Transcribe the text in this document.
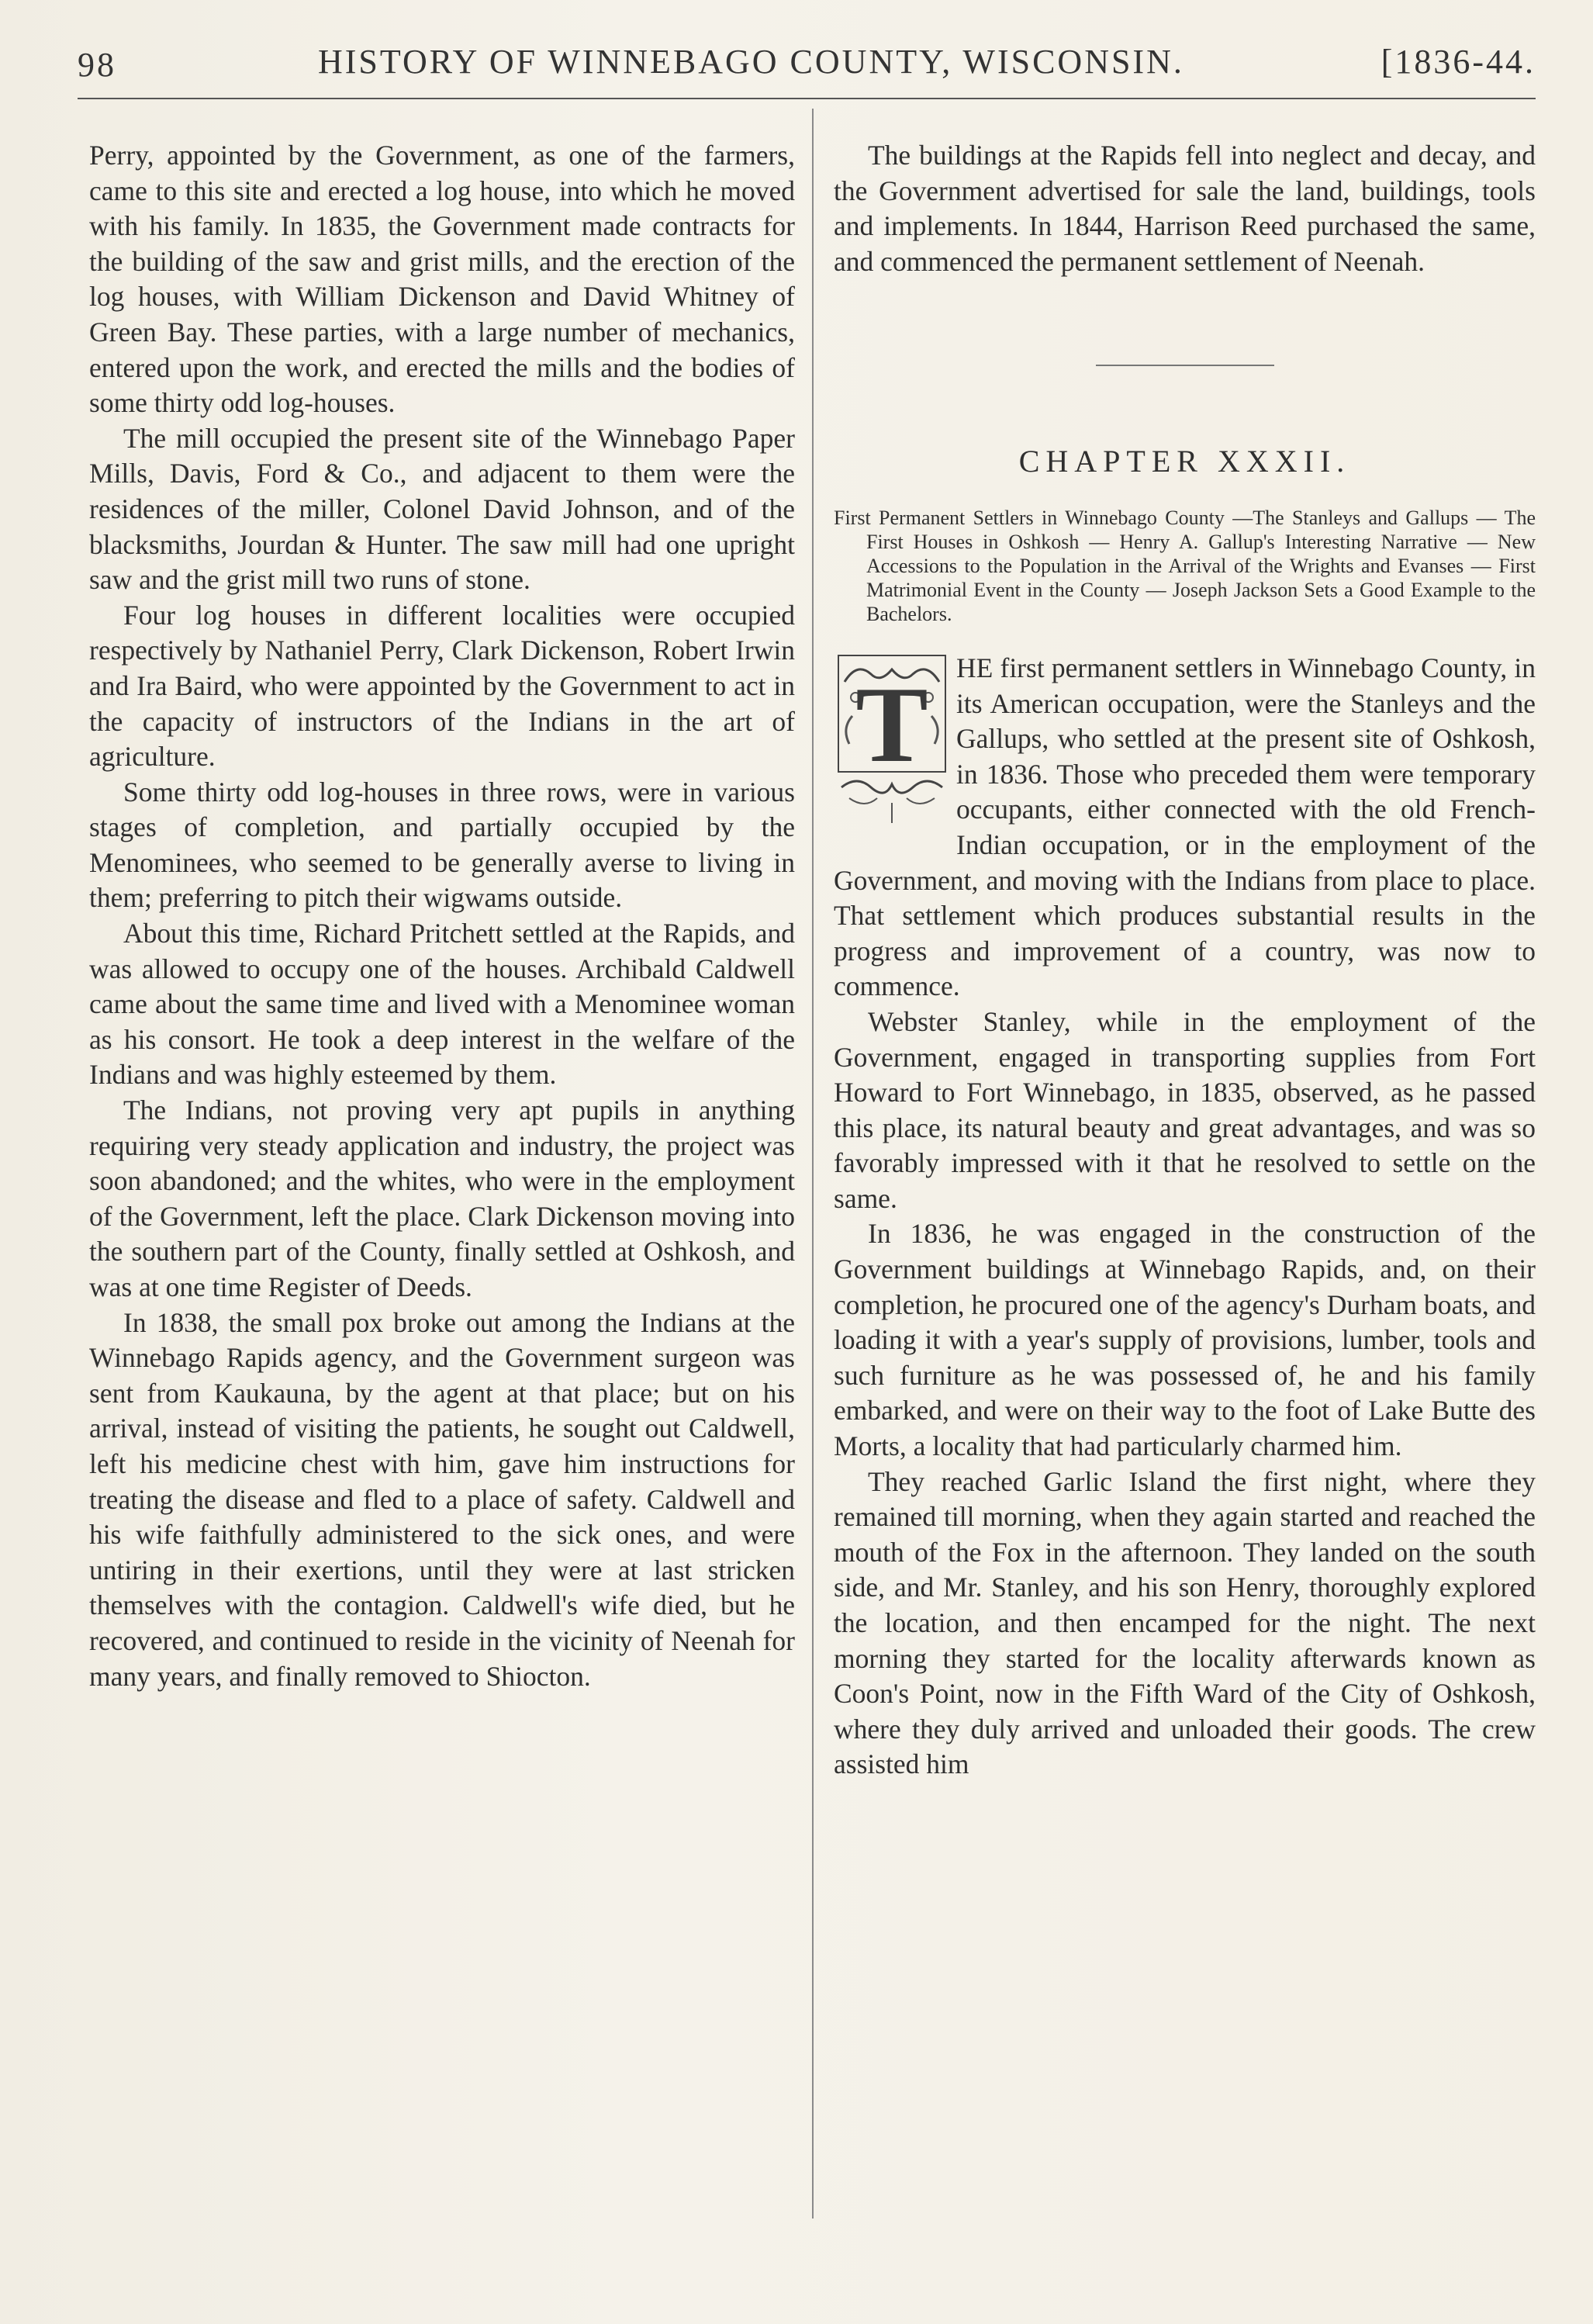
98	HISTORY OF WINNEBAGO COUNTY, WISCONSIN.	[1836-44.

Perry, appointed by the Government, as one of the farmers, came to this site and erected a log house, into which he moved with his family. In 1835, the Government made contracts for the building of the saw and grist mills, and the erection of the log houses, with William Dickenson and David Whitney of Green Bay. These parties, with a large number of mechanics, entered upon the work, and erected the mills and the bodies of some thirty odd log-houses.

The mill occupied the present site of the Winnebago Paper Mills, Davis, Ford & Co., and adjacent to them were the residences of the miller, Colonel David Johnson, and of the blacksmiths, Jourdan & Hunter. The saw mill had one upright saw and the grist mill two runs of stone.

Four log houses in different localities were occupied respectively by Nathaniel Perry, Clark Dickenson, Robert Irwin and Ira Baird, who were appointed by the Government to act in the capacity of instructors of the Indians in the art of agriculture.

Some thirty odd log-houses in three rows, were in various stages of completion, and partially occupied by the Menominees, who seemed to be generally averse to living in them; preferring to pitch their wigwams outside.

About this time, Richard Pritchett settled at the Rapids, and was allowed to occupy one of the houses. Archibald Caldwell came about the same time and lived with a Menominee woman as his consort. He took a deep interest in the welfare of the Indians and was highly esteemed by them.

The Indians, not proving very apt pupils in anything requiring very steady application and industry, the project was soon abandoned; and the whites, who were in the employment of the Government, left the place. Clark Dickenson moving into the southern part of the County, finally settled at Oshkosh, and was at one time Register of Deeds.

In 1838, the small pox broke out among the Indians at the Winnebago Rapids agency, and the Government surgeon was sent from Kaukauna, by the agent at that place; but on his arrival, instead of visiting the patients, he sought out Caldwell, left his medicine chest with him, gave him instructions for treating the disease and fled to a place of safety. Caldwell and his wife faithfully administered to the sick ones, and were untiring in their exertions, until they were at last stricken themselves with the contagion. Caldwell's wife died, but he recovered, and continued to reside in the vicinity of Neenah for many years, and finally removed to Shiocton.

The buildings at the Rapids fell into neglect and decay, and the Government advertised for sale the land, buildings, tools and implements. In 1844, Harrison Reed purchased the same, and commenced the permanent settlement of Neenah.

CHAPTER XXXII.
First Permanent Settlers in Winnebago County —The Stanleys and Gallups — The First Houses in Oshkosh — Henry A. Gallup's Interesting Narrative — New Accessions to the Population in the Arrival of the Wrights and Evanses — First Matrimonial Event in the County — Joseph Jackson Sets a Good Example to the Bachelors.

T HE first permanent settlers in Winnebago County, in its American occupation, were the Stanleys and the Gallups, who settled at the present site of Oshkosh, in 1836. Those who preceded them were temporary occupants, either connected with the old French-Indian occupation, or in the employment of the Government, and moving with the Indians from place to place. That settlement which produces substantial results in the progress and improvement of a country, was now to commence.

Webster Stanley, while in the employment of the Government, engaged in transporting supplies from Fort Howard to Fort Winnebago, in 1835, observed, as he passed this place, its natural beauty and great advantages, and was so favorably impressed with it that he resolved to settle on the same.

In 1836, he was engaged in the construction of the Government buildings at Winnebago Rapids, and, on their completion, he procured one of the agency's Durham boats, and loading it with a year's supply of provisions, lumber, tools and such furniture as he was possessed of, he and his family embarked, and were on their way to the foot of Lake Butte des Morts, a locality that had particularly charmed him.

They reached Garlic Island the first night, where they remained till morning, when they again started and reached the mouth of the Fox in the afternoon. They landed on the south side, and Mr. Stanley, and his son Henry, thoroughly explored the location, and then encamped for the night. The next morning they started for the locality afterwards known as Coon's Point, now in the Fifth Ward of the City of Oshkosh, where they duly arrived and unloaded their goods. The crew assisted him
